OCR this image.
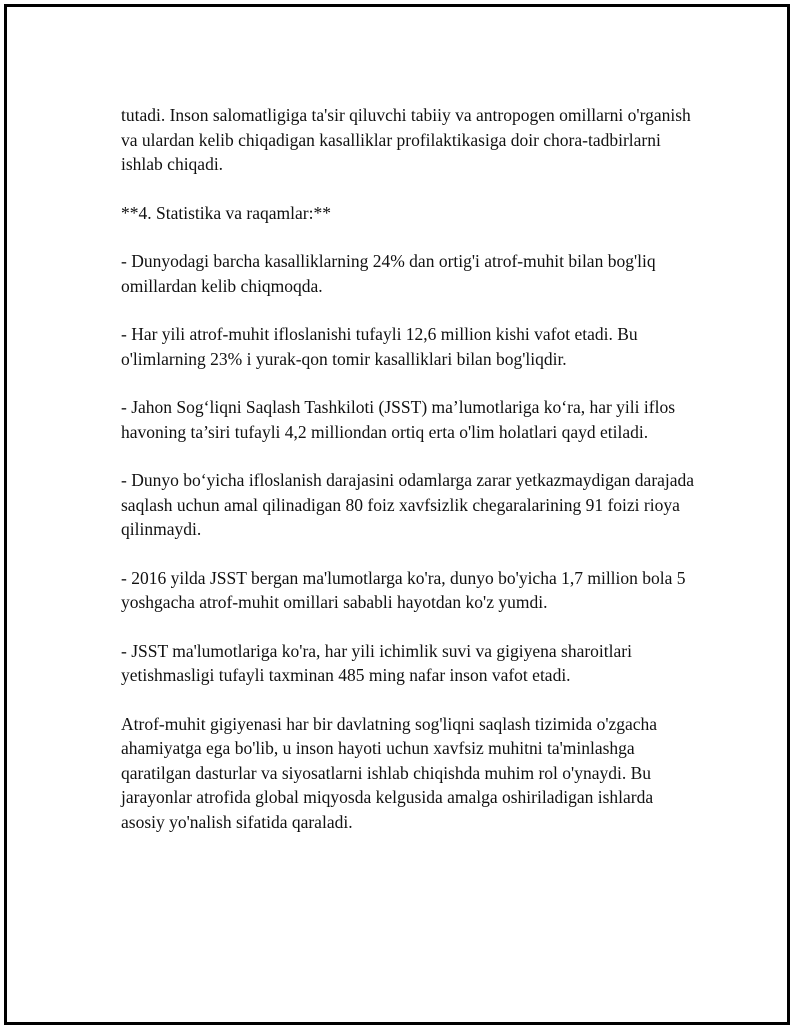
tutadi. Inson salomatligiga ta'sir qiluvchi tabiiy va antropogen omillarni o'rganish va ulardan kelib chiqadigan kasalliklar profilaktikasiga doir chora-tadbirlarni ishlab chiqadi.

**4. Statistika va raqamlar:**

- Dunyodagi barcha kasalliklarning 24% dan ortig'i atrof-muhit bilan bog'liq omillardan kelib chiqmoqda.

- Har yili atrof-muhit ifloslanishi tufayli 12,6 million kishi vafot etadi. Bu o'limlarning 23% i yurak-qon tomir kasalliklari bilan bog'liqdir.

- Jahon Sog‘liqni Saqlash Tashkiloti (JSST) ma’lumotlariga ko‘ra, har yili iflos havoning ta’siri tufayli 4,2 milliondan ortiq erta o'lim holatlari qayd etiladi.

- Dunyo bo‘yicha ifloslanish darajasini odamlarga zarar yetkazmaydigan darajada saqlash uchun amal qilinadigan 80 foiz xavfsizlik chegaralarining 91 foizi rioya qilinmaydi.

- 2016 yilda JSST bergan ma'lumotlarga ko'ra, dunyo bo'yicha 1,7 million bola 5 yoshgacha atrof-muhit omillari sababli hayotdan ko'z yumdi.

- JSST ma'lumotlariga ko'ra, har yili ichimlik suvi va gigiyena sharoitlari yetishmasligi tufayli taxminan 485 ming nafar inson vafot etadi.

Atrof-muhit gigiyenasi har bir davlatning sog'liqni saqlash tizimida o'zgacha ahamiyatga ega bo'lib, u inson hayoti uchun xavfsiz muhitni ta'minlashga qaratilgan dasturlar va siyosatlarni ishlab chiqishda muhim rol o'ynaydi. Bu jarayonlar atrofida global miqyosda kelgusida amalga oshiriladigan ishlarda asosiy yo'nalish sifatida qaraladi.
